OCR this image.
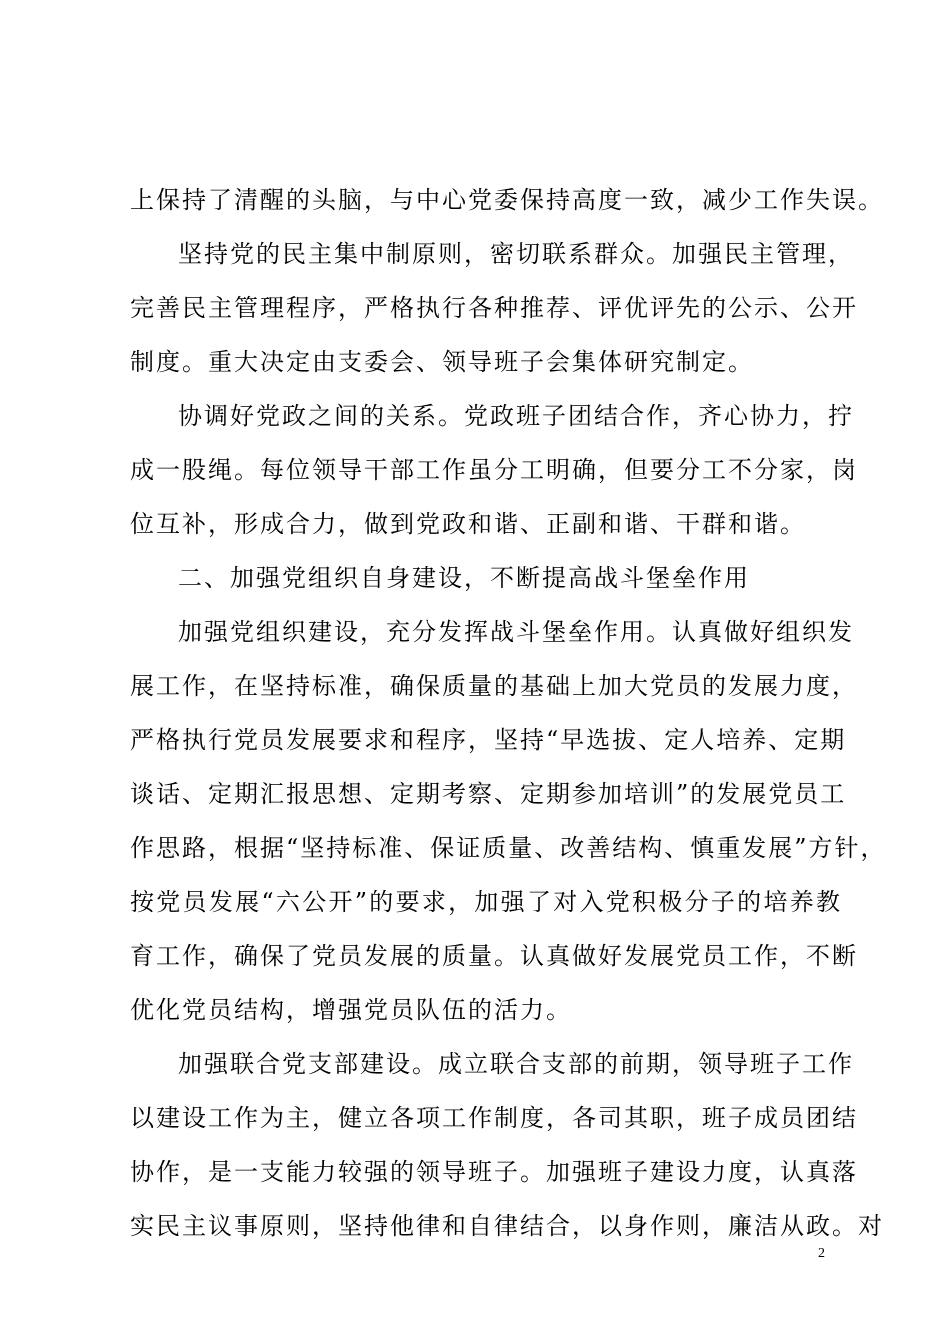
上保持了清醒的头脑，与中心党委保持高度一致，减少工作失误。
坚持党的民主集中制原则，密切联系群众。加强民主管理，
完善民主管理程序，严格执行各种推荐、评优评先的公示、公开
制度。重大决定由支委会、领导班子会集体研究制定。
协调好党政之间的关系。党政班子团结合作，齐心协力，拧
成一股绳。每位领导干部工作虽分工明确，但要分工不分家，岗
位互补，形成合力，做到党政和谐、正副和谐、干群和谐。
二、加强党组织自身建设，不断提高战斗堡垒作用
加强党组织建设，充分发挥战斗堡垒作用。认真做好组织发
展工作，在坚持标准，确保质量的基础上加大党员的发展力度，
严格执行党员发展要求和程序，坚持“早选拔、定人培养、定期
谈话、定期汇报思想、定期考察、定期参加培训”的发展党员工
作思路，根据“坚持标准、保证质量、改善结构、慎重发展”方针，
按党员发展“六公开”的要求，加强了对入党积极分子的培养教
育工作，确保了党员发展的质量。认真做好发展党员工作，不断
优化党员结构，增强党员队伍的活力。
加强联合党支部建设。成立联合支部的前期，领导班子工作
以建设工作为主，健立各项工作制度，各司其职，班子成员团结
协作，是一支能力较强的领导班子。加强班子建设力度，认真落
实民主议事原则，坚持他律和自律结合，以身作则，廉洁从政。对
2
